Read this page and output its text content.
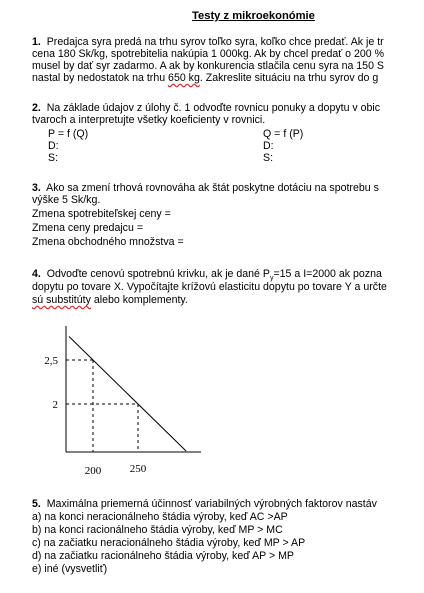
Testy z mikroekonómie
1. Predajca syra predá na trhu syrov toľko syra, koľko chce predať. Ak je tr
cena 180 Sk/kg, spotrebitelia nakúpia 1 000kg. Ak by chcel predať o 200 %
musel by dať syr zadarmo. A ak by konkurencia stlačila cenu syra na 150 S
nastal by nedostatok na trhu 650 kg. Zakreslite situáciu na trhu syrov do g
2. Na základe údajov z úlohy č. 1 odvoďte rovnicu ponuky a dopytu v obic
tvaroch a interpretujte všetky koeficienty v rovnici.
P = f (Q)
D:
S:
Q = f (P)
D:
S:
3. Ako sa zmení trhová rovnováha ak štát poskytne dotáciu na spotrebu s
výške 5 Sk/kg.
Zmena spotrebiteľskej ceny =
Zmena ceny predajcu =
Zmena obchodného množstva =
4. Odvoďte cenovú spotrebnú krivku, ak je dané $P_y=15$ a I=2000 ak pozna
dopytu po tovare X. Vypočítajte krížovú elasticitu dopytu po tovare Y a určte
sú substitúty alebo komplementy.
2,5
2
200	250
5. Maximálna priemerná účinnosť variabilných výrobných faktorov nastáv
a) na konci neracionálneho štádia výroby, keď AC >AP
b) na konci racionálneho štádia výroby, keď MP > MC
c) na začiatku neracionálneho štádia výroby, keď MP > AP
d) na začiatku racionálneho štádia výroby, keď AP > MP
e) iné (vysvetliť)
